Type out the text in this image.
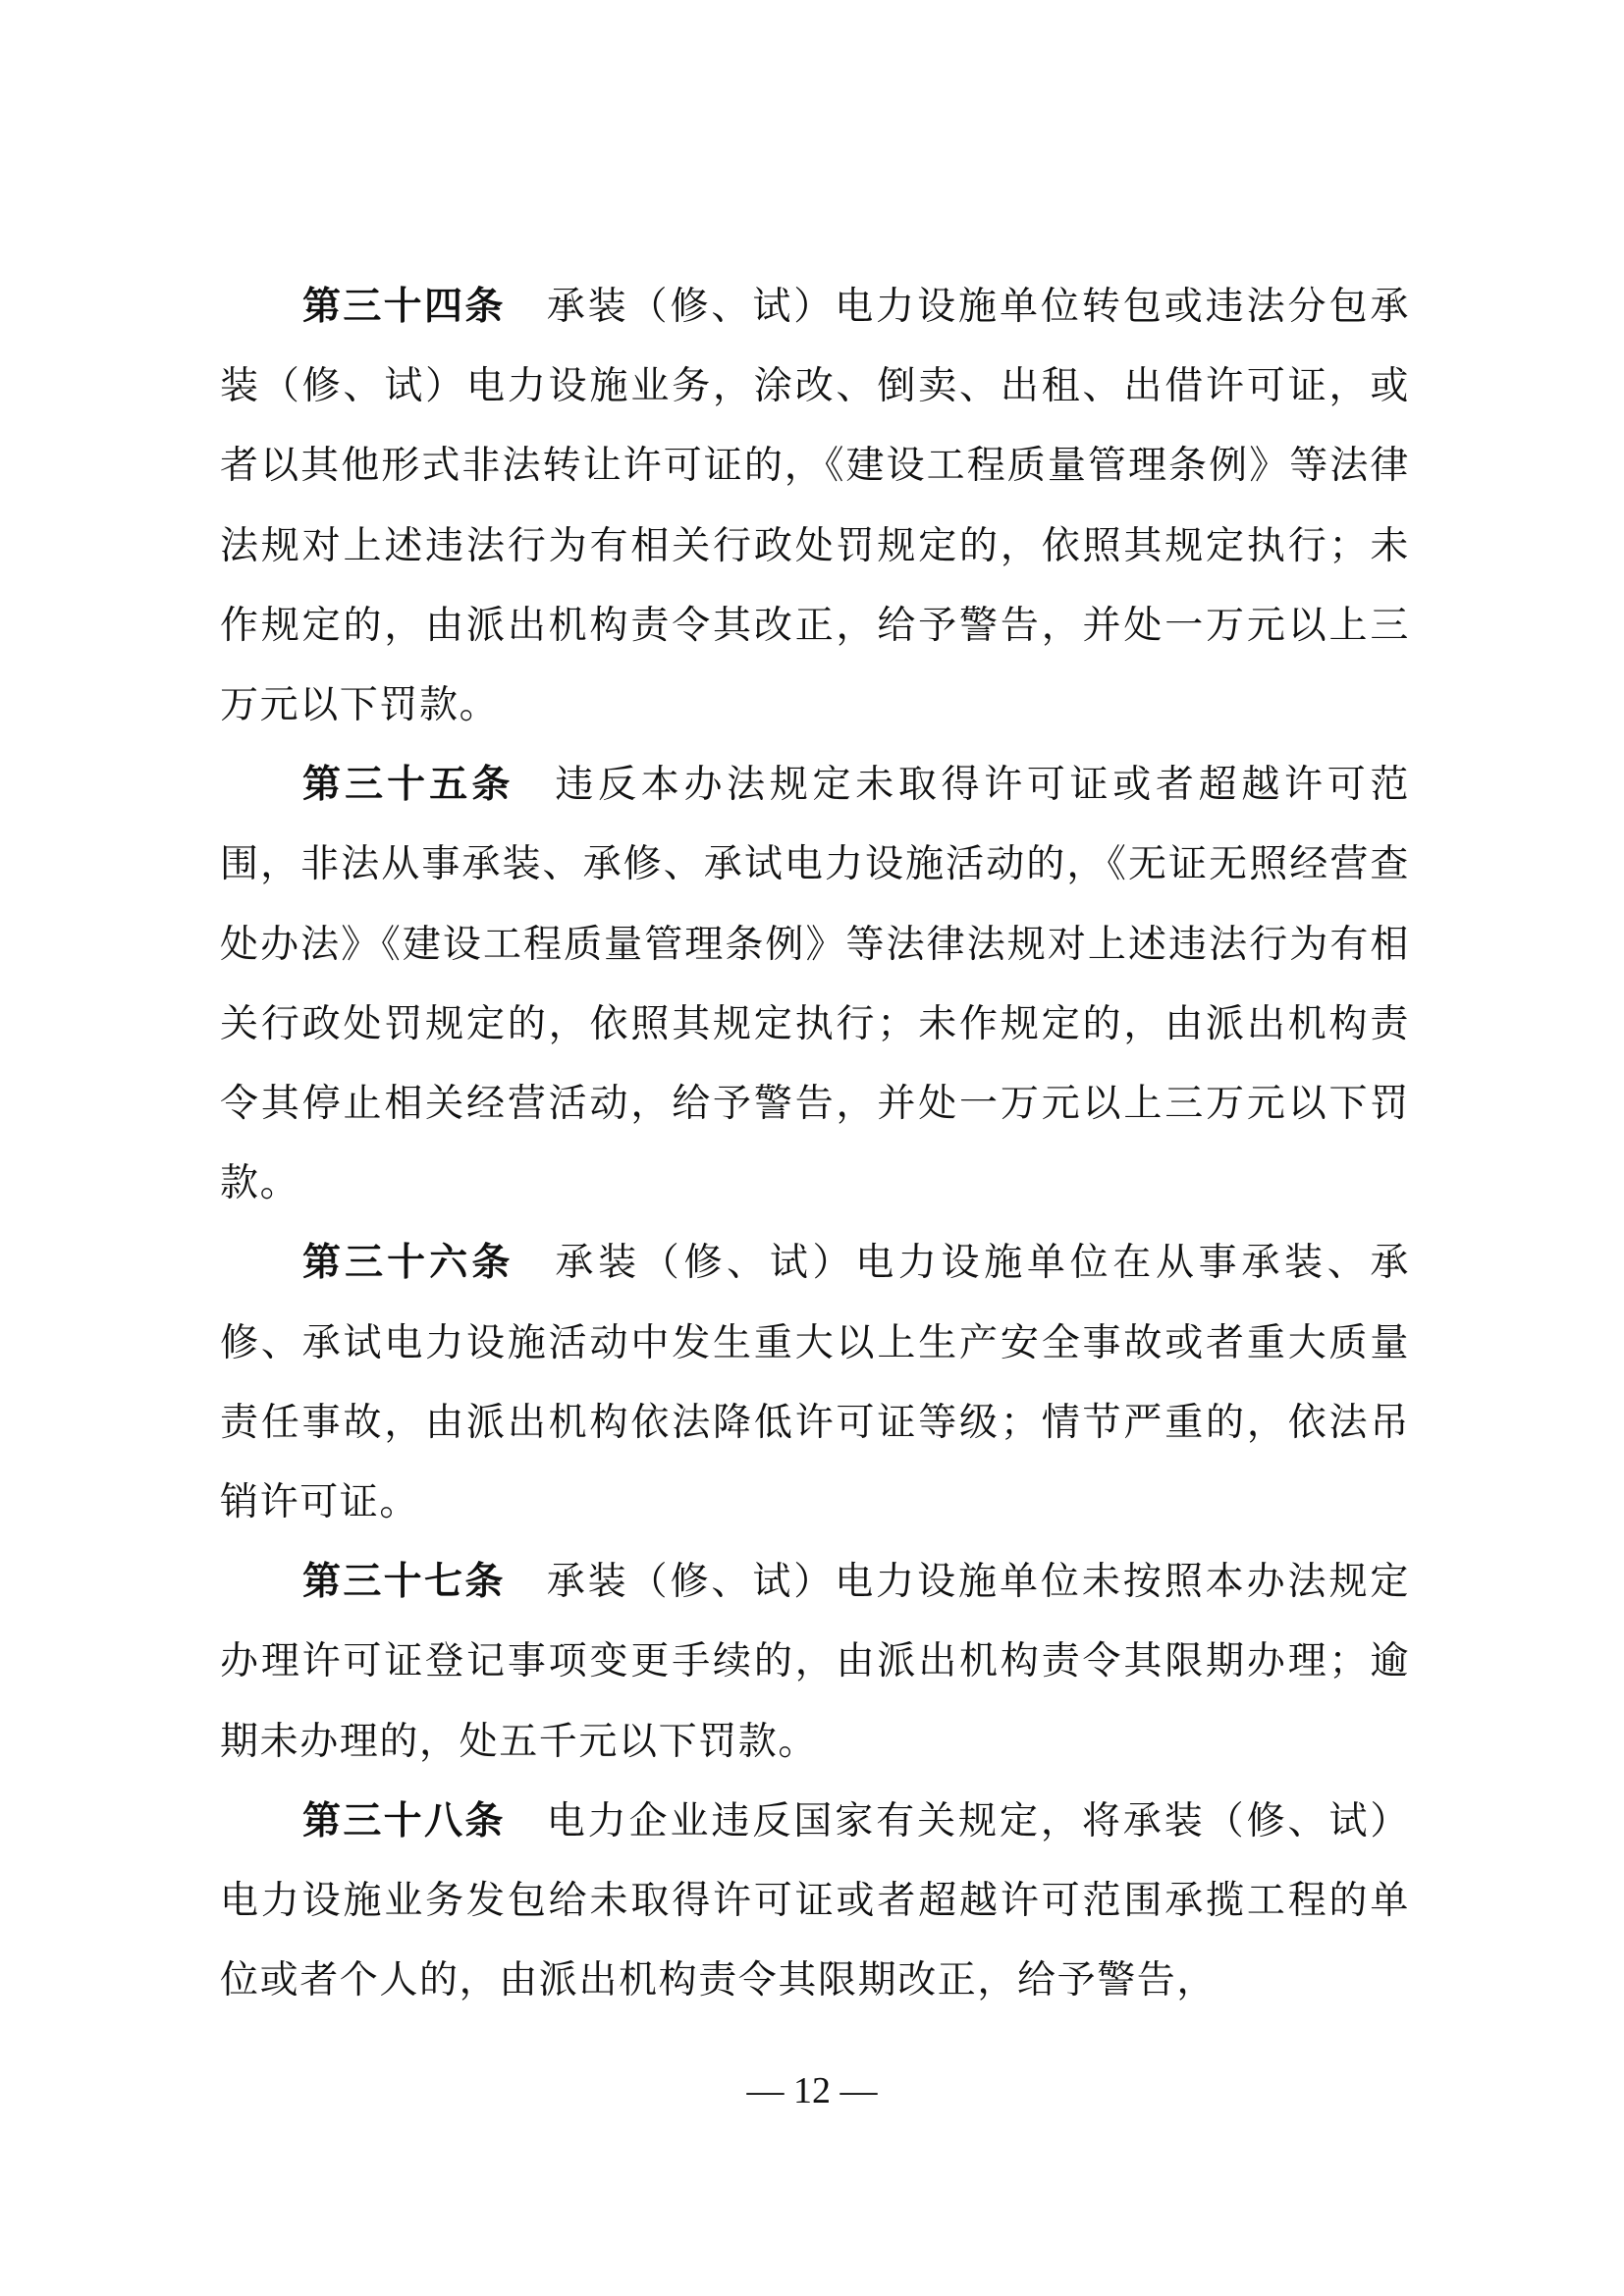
第三十四条 承装（修、试）电力设施单位转包或违法分包承装（修、试）电力设施业务，涂改、倒卖、出租、出借许可证，或者以其他形式非法转让许可证的，《建设工程质量管理条例》等法律法规对上述违法行为有相关行政处罚规定的，依照其规定执行；未作规定的，由派出机构责令其改正，给予警告，并处一万元以上三万元以下罚款。

第三十五条 违反本办法规定未取得许可证或者超越许可范围，非法从事承装、承修、承试电力设施活动的，《无证无照经营查处办法》《建设工程质量管理条例》等法律法规对上述违法行为有相关行政处罚规定的，依照其规定执行；未作规定的，由派出机构责令其停止相关经营活动，给予警告，并处一万元以上三万元以下罚款。

第三十六条 承装（修、试）电力设施单位在从事承装、承修、承试电力设施活动中发生重大以上生产安全事故或者重大质量责任事故，由派出机构依法降低许可证等级；情节严重的，依法吊销许可证。

第三十七条 承装（修、试）电力设施单位未按照本办法规定办理许可证登记事项变更手续的，由派出机构责令其限期办理；逾期未办理的，处五千元以下罚款。

第三十八条 电力企业违反国家有关规定，将承装（修、试）电力设施业务发包给未取得许可证或者超越许可范围承揽工程的单位或者个人的，由派出机构责令其限期改正，给予警告，

— 12 —
